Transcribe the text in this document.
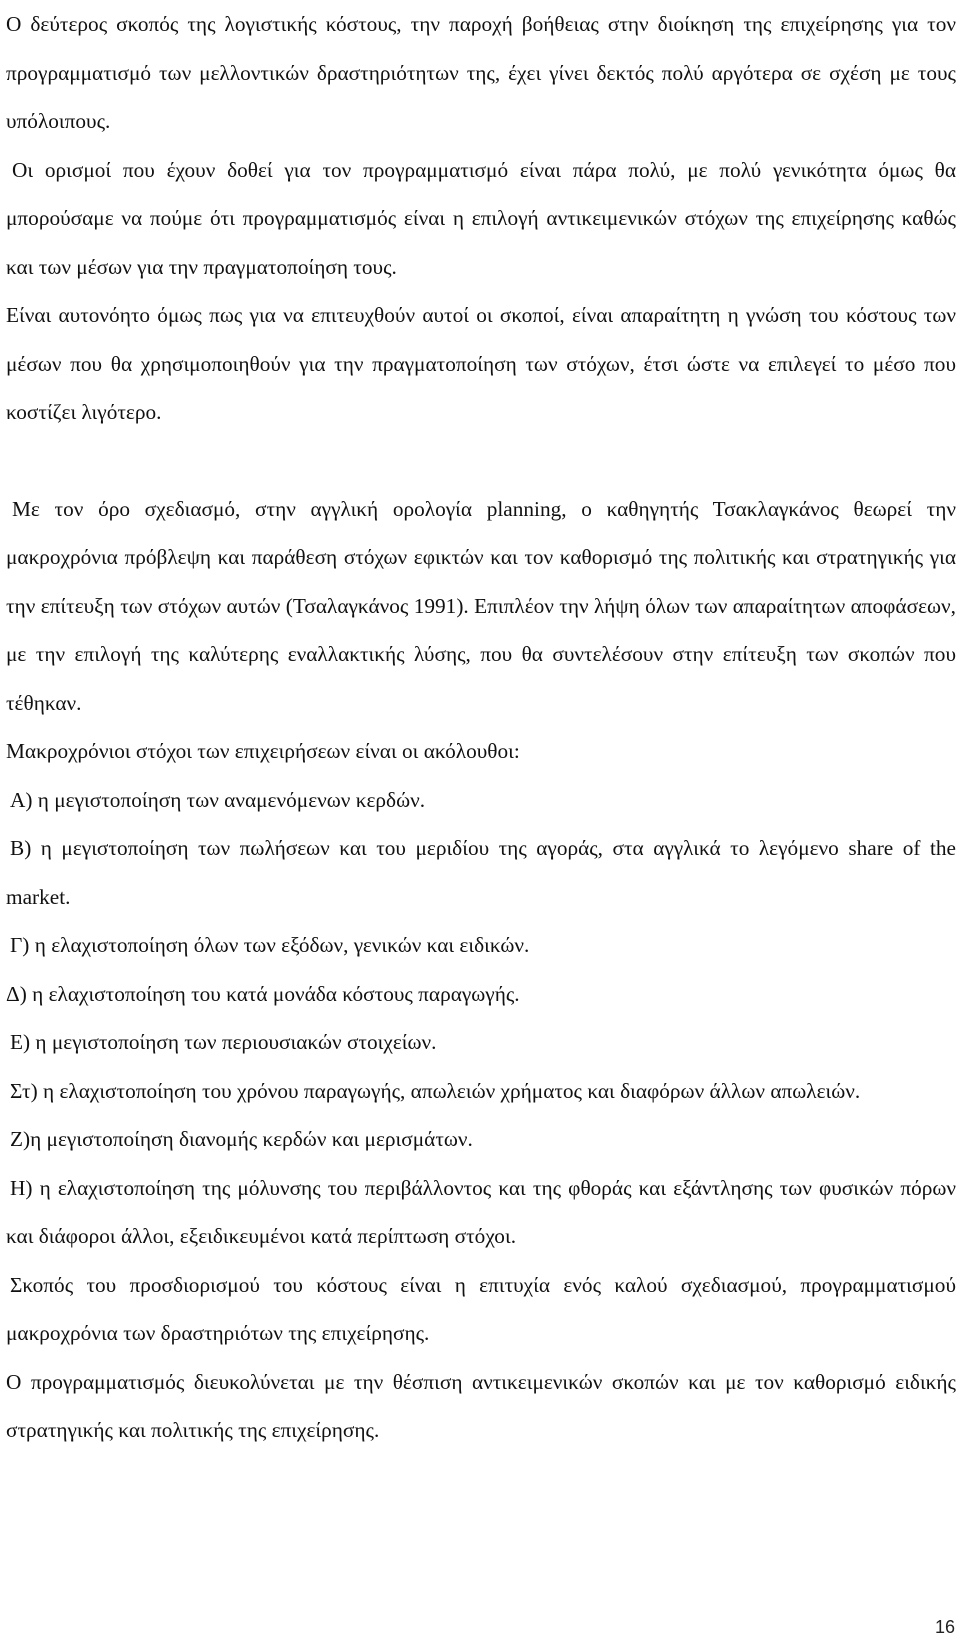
Ο δεύτερος σκοπός της λογιστικής κόστους, την παροχή βοήθειας στην διοίκηση της επιχείρησης για τον προγραμματισμό των μελλοντικών δραστηριότητων της, έχει γίνει δεκτός πολύ αργότερα σε σχέση με τους υπόλοιπους.

Οι ορισμοί που έχουν δοθεί για τον προγραμματισμό είναι πάρα πολύ, με πολύ γενικότητα όμως θα μπορούσαμε να πούμε ότι προγραμματισμός είναι η επιλογή αντικειμενικών στόχων της επιχείρησης καθώς και των μέσων για την πραγματοποίηση τους.

Είναι αυτονόητο όμως πως για να επιτευχθούν αυτοί οι σκοποί, είναι απαραίτητη η γνώση του κόστους των μέσων που θα χρησιμοποιηθούν για την πραγματοποίηση των στόχων, έτσι ώστε να επιλεγεί το μέσο που κοστίζει λιγότερο.

Με τον όρο σχεδιασμό, στην αγγλική ορολογία planning, ο καθηγητής Τσακλαγκάνος θεωρεί την μακροχρόνια πρόβλεψη και παράθεση στόχων εφικτών και τον καθορισμό της πολιτικής και στρατηγικής για την επίτευξη των στόχων αυτών (Τσαλαγκάνος 1991). Επιπλέον την λήψη όλων των απαραίτητων αποφάσεων, με την επιλογή της καλύτερης εναλλακτικής λύσης, που θα συντελέσουν στην επίτευξη των σκοπών που τέθηκαν.

Μακροχρόνιοι στόχοι των επιχειρήσεων είναι οι ακόλουθοι:

Α) η μεγιστοποίηση των αναμενόμενων κερδών.

Β) η μεγιστοποίηση των πωλήσεων και του μεριδίου της αγοράς, στα αγγλικά το λεγόμενο share of the market.

Γ) η ελαχιστοποίηση όλων των εξόδων, γενικών και ειδικών.

Δ) η ελαχιστοποίηση του κατά μονάδα κόστους παραγωγής.

Ε) η μεγιστοποίηση των περιουσιακών στοιχείων.

Στ) η ελαχιστοποίηση του χρόνου παραγωγής, απωλειών χρήματος και διαφόρων άλλων απωλειών.

Ζ)η μεγιστοποίηση διανομής κερδών και μερισμάτων.

Η) η ελαχιστοποίηση της μόλυνσης του περιβάλλοντος και της φθοράς και εξάντλησης των φυσικών πόρων και διάφοροι άλλοι, εξειδικευμένοι κατά περίπτωση στόχοι.

Σκοπός του προσδιορισμού του κόστους είναι η επιτυχία ενός καλού σχεδιασμού, προγραμματισμού μακροχρόνια των δραστηριότων της επιχείρησης.

Ο προγραμματισμός διευκολύνεται με την θέσπιση αντικειμενικών σκοπών και με τον καθορισμό ειδικής στρατηγικής και πολιτικής της επιχείρησης.

16
